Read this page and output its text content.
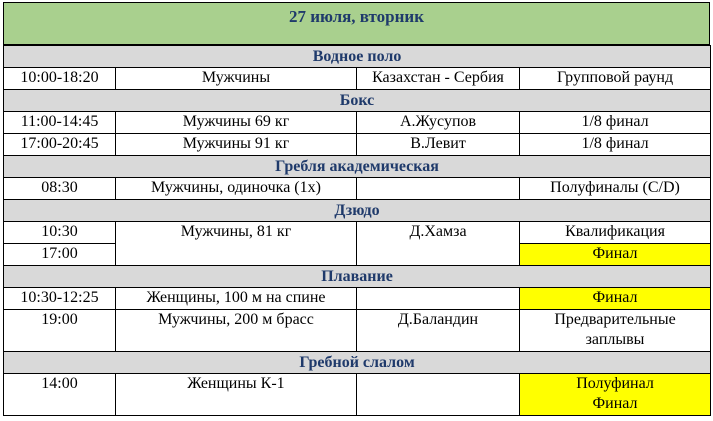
27 июля, вторник
Водное поло			
10:00-18:20	Мужчины	Казахстан - Сербия	Групповой раунд
Бокс			
11:00-14:45	Мужчины 69 кг	А.Жусупов	1/8 финал
17:00-20:45	Мужчины 91 кг	В.Левит	1/8 финал
Гребля академическая			
08:30	Мужчины, одиночка (1х)		Полуфиналы (C/D)
Дзюдо			
10:30	Мужчины, 81 кг	Д.Хамза	Квалификация
17:00			Финал
Плавание			
10:30-12:25	Женщины, 100 м на спине		Финал
19:00	Мужчины, 200 м брасс	Д.Баландин	Предварительные
заплывы

Гребной слалом			
14:00	Женщины К-1		Полуфинал
Финал
